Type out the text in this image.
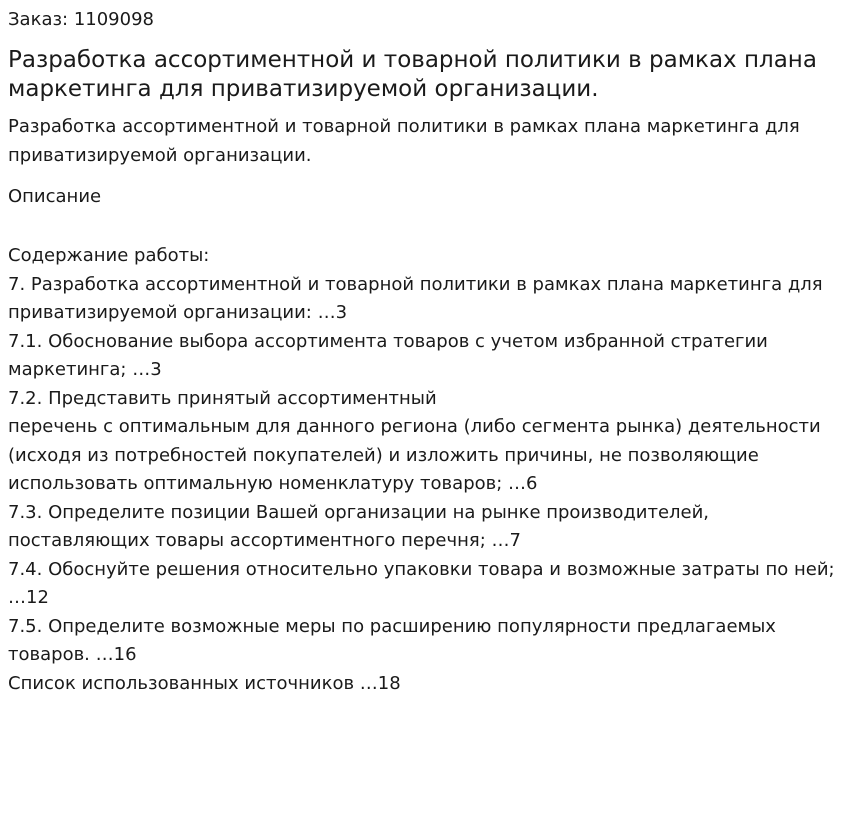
Заказ: 1109098
Разработка ассортиментной и товарной политики в рамках плана маркетинга для приватизируемой организации.
Разработка ассортиментной и товарной политики в рамках плана маркетинга для приватизируемой организации.
Описание
Содержание работы:
7. Разработка ассортиментной и товарной политики в рамках плана маркетинга для приватизируемой организации: …3
7.1. Обоснование выбора ассортимента товаров с учетом избранной стратегии маркетинга; …3
7.2. Представить принятый ассортиментный
перечень с оптимальным для данного региона (либо сегмента рынка) деятельности (исходя из потребностей покупателей) и изложить причины, не позволяющие использовать оптимальную номенклатуру товаров; …6
7.3. Определите позиции Вашей организации на рынке производителей, поставляющих товары ассортиментного перечня; …7
7.4. Обоснуйте решения относительно упаковки товара и возможные затраты по ней; …12
7.5. Определите возможные меры по расширению популярности предлагаемых товаров. …16
Список использованных источников …18
